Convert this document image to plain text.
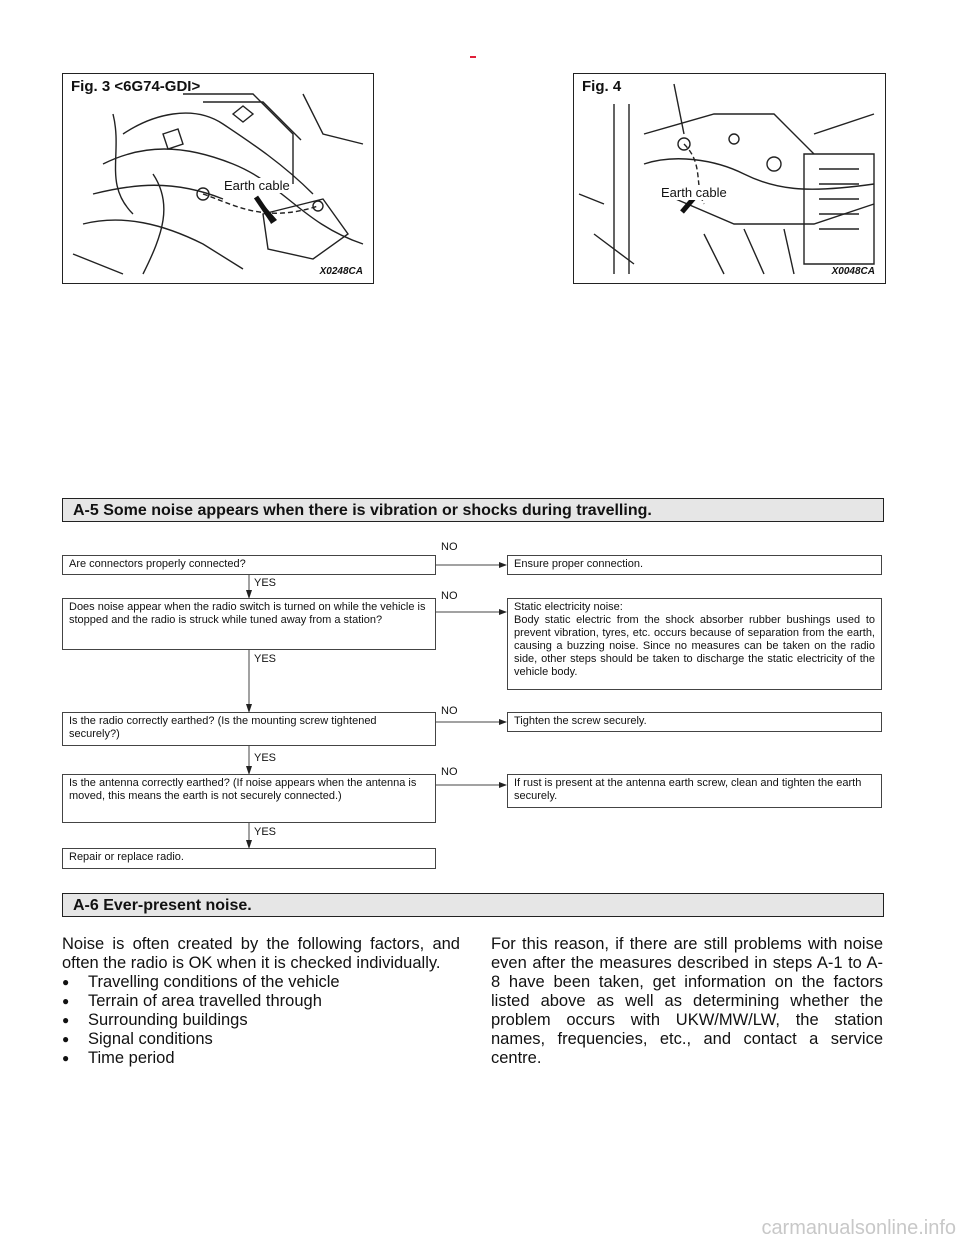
Fig. 3 <6G74-GDI>
Earth cable
X0248CA
Fig. 4
Earth cable
X0048CA
A-5 Some noise appears when there is vibration or shocks during travelling.
Are connectors properly connected?	Ensure proper connection.
Does noise appear when the radio switch is turned on while the vehicle is stopped and the radio is struck while tuned away from a station?
Static electricity noise:
Body static electric from the shock absorber rubber bushings used to prevent vibration, tyres, etc. occurs because of separation from the earth, causing a buzzing noise. Since no measures can be taken on the radio side, other steps should be taken to discharge the static electricity of the vehicle body.
Is the radio correctly earthed? (Is the mounting screw tightened securely?)
Tighten the screw securely.
Is the antenna correctly earthed? (If noise appears when the antenna is moved, this means the earth is not securely connected.)
If rust is present at the antenna earth screw, clean and tighten the earth securely.
Repair or replace radio.
NO
NO
NO
NO
YES
YES
YES
YES
A-6 Ever-present noise.
Noise is often created by the following factors, and often the radio is OK when it is checked individually.
● Travelling conditions of the vehicle
● Terrain of area travelled through
● Surrounding buildings
● Signal conditions
● Time period
For this reason, if there are still problems with noise even after the measures described in steps A-1 to A-8 have been taken, get information on the factors listed above as well as determining whether the problem occurs with UKW/MW/LW, the station names, frequencies, etc., and contact a service centre.
carmanualsonline.info
